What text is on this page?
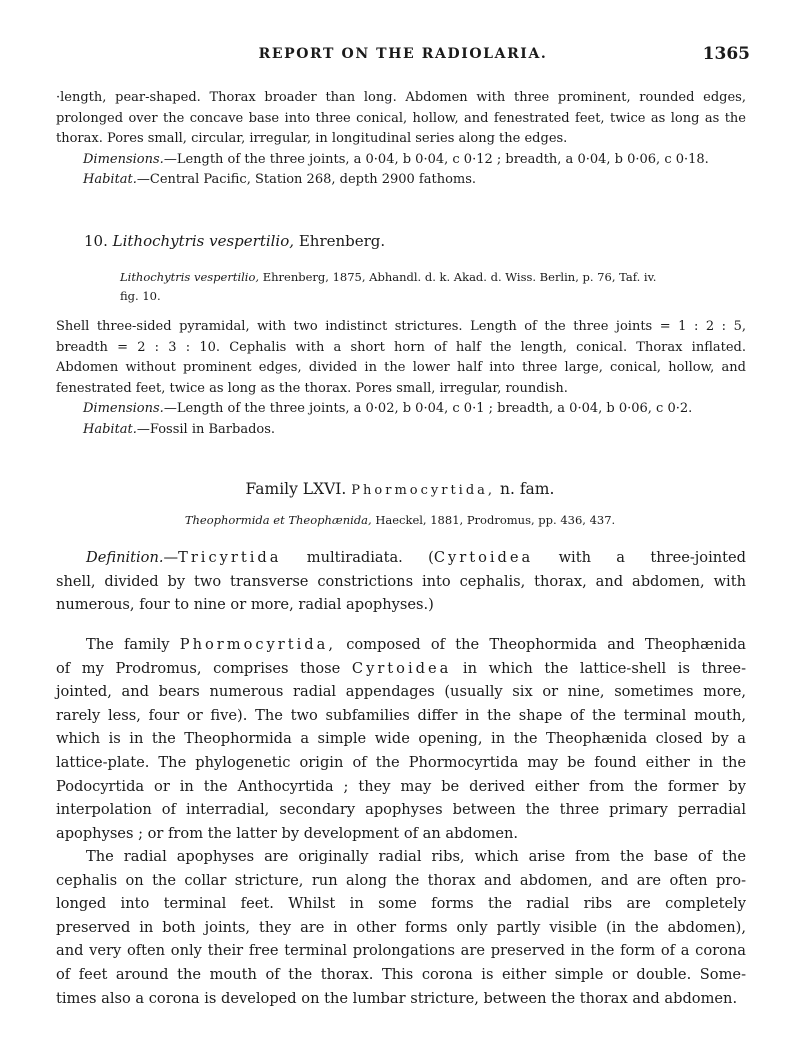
REPORT ON THE RADIOLARIA.	1365

·length, pear-shaped. Thorax broader than long. Abdomen with three prominent, rounded edges,

prolonged over the concave base into three conical, hollow, and fenestrated feet, twice as long as the

thorax. Pores small, circular, irregular, in longitudinal series along the edges.

Dimensions.—Length of the three joints, a 0·04, b 0·04, c 0·12 ; breadth, a 0·04, b 0·06, c 0·18.

Habitat.—Central Pacific, Station 268, depth 2900 fathoms.

10. Lithochytris vespertilio, Ehrenberg.

Lithochytris vespertilio, Ehrenberg, 1875, Abhandl. d. k. Akad. d. Wiss. Berlin, p. 76, Taf. iv.

fig. 10.

Shell three-sided pyramidal, with two indistinct strictures. Length of the three joints = 1 : 2 : 5,

breadth = 2 : 3 : 10. Cephalis with a short horn of half the length, conical. Thorax inflated.

Abdomen without prominent edges, divided in the lower half into three large, conical, hollow, and

fenestrated feet, twice as long as the thorax. Pores small, irregular, roundish.

Dimensions.—Length of the three joints, a 0·02, b 0·04, c 0·1 ; breadth, a 0·04, b 0·06, c 0·2.

Habitat.—Fossil in Barbados.

Family LXVI. Phormocyrtida, n. fam.
Theophormida et Theophænida, Haeckel, 1881, Prodromus, pp. 436, 437.

Definition.—Tricyrtida multiradiata. (Cyrtoidea with a three-jointed

shell, divided by two transverse constrictions into cephalis, thorax, and abdomen, with

numerous, four to nine or more, radial apophyses.)

The family Phormocyrtida, composed of the Theophormida and Theophænida

of my Prodromus, comprises those Cyrtoidea in which the lattice-shell is three-

jointed, and bears numerous radial appendages (usually six or nine, sometimes more,

rarely less, four or five). The two subfamilies differ in the shape of the terminal mouth,

which is in the Theophormida a simple wide opening, in the Theophænida closed by a

lattice-plate. The phylogenetic origin of the Phormocyrtida may be found either in the

Podocyrtida or in the Anthocyrtida ; they may be derived either from the former by

interpolation of interradial, secondary apophyses between the three primary perradial

apophyses ; or from the latter by development of an abdomen.

The radial apophyses are originally radial ribs, which arise from the base of the

cephalis on the collar stricture, run along the thorax and abdomen, and are often pro-

longed into terminal feet. Whilst in some forms the radial ribs are completely

preserved in both joints, they are in other forms only partly visible (in the abdomen),

and very often only their free terminal prolongations are preserved in the form of a corona

of feet around the mouth of the thorax. This corona is either simple or double. Some-

times also a corona is developed on the lumbar stricture, between the thorax and abdomen.
